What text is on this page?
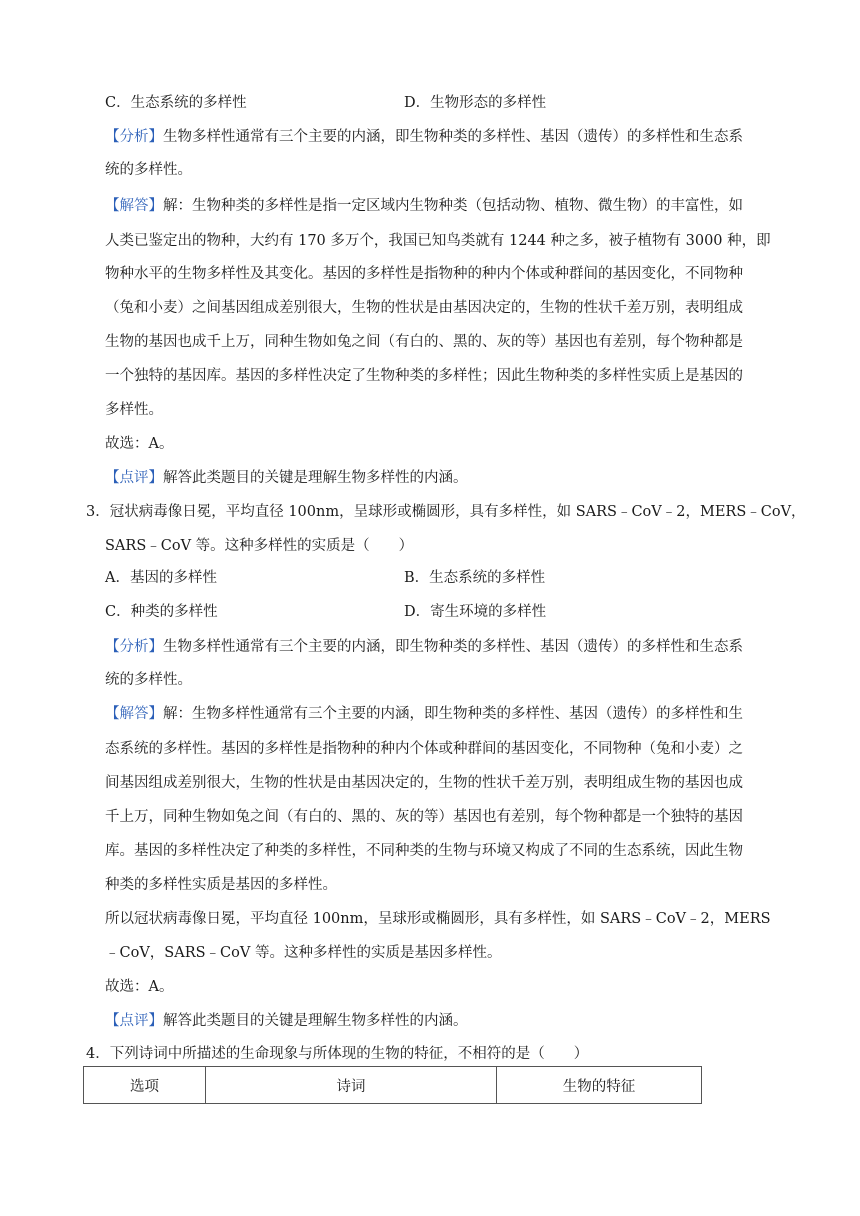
C．生态系统的多样性	D．生物形态的多样性
【分析】生物多样性通常有三个主要的内涵，即生物种类的多样性、基因（遗传）的多样性和生态系
统的多样性。
【解答】解：生物种类的多样性是指一定区域内生物种类（包括动物、植物、微生物）的丰富性，如
人类已鉴定出的物种，大约有 170 多万个，我国已知鸟类就有 1244 种之多，被子植物有 3000 种，即
物种水平的生物多样性及其变化。基因的多样性是指物种的种内个体或种群间的基因变化，不同物种
（兔和小麦）之间基因组成差别很大，生物的性状是由基因决定的，生物的性状千差万别，表明组成
生物的基因也成千上万，同种生物如兔之间（有白的、黑的、灰的等）基因也有差别，每个物种都是
一个独特的基因库。基因的多样性决定了生物种类的多样性；因此生物种类的多样性实质上是基因的
多样性。
故选：A。
【点评】解答此类题目的关键是理解生物多样性的内涵。
3．冠状病毒像日冕，平均直径 100nm，呈球形或椭圆形，具有多样性，如 SARS﹣CoV﹣2，MERS﹣CoV，
SARS﹣CoV 等。这种多样性的实质是（　　）
A．基因的多样性	B．生态系统的多样性
C．种类的多样性	D．寄生环境的多样性
【分析】生物多样性通常有三个主要的内涵，即生物种类的多样性、基因（遗传）的多样性和生态系
统的多样性。
【解答】解：生物多样性通常有三个主要的内涵，即生物种类的多样性、基因（遗传）的多样性和生
态系统的多样性。基因的多样性是指物种的种内个体或种群间的基因变化，不同物种（兔和小麦）之
间基因组成差别很大，生物的性状是由基因决定的，生物的性状千差万别，表明组成生物的基因也成
千上万，同种生物如兔之间（有白的、黑的、灰的等）基因也有差别，每个物种都是一个独特的基因
库。基因的多样性决定了种类的多样性，不同种类的生物与环境又构成了不同的生态系统，因此生物
种类的多样性实质是基因的多样性。
所以冠状病毒像日冕，平均直径 100nm，呈球形或椭圆形，具有多样性，如 SARS﹣CoV﹣2，MERS
﹣CoV，SARS﹣CoV 等。这种多样性的实质是基因多样性。
故选：A。
【点评】解答此类题目的关键是理解生物多样性的内涵。
4．下列诗词中所描述的生命现象与所体现的生物的特征，不相符的是（　　）
选项	诗词	生物的特征
